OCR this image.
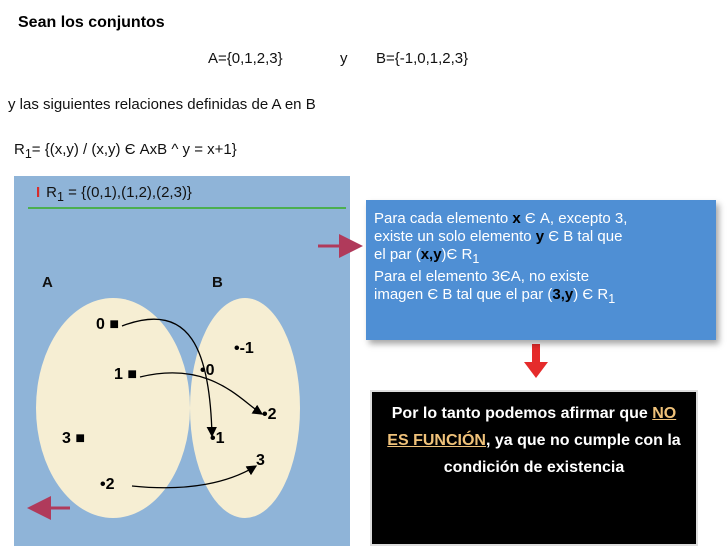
Sean los conjuntos
A={0,1,2,3}	y B={-1,0,1,2,3}
y las siguientes relaciones definidas de A en B
$R_1= \{(x,y) / (x,y)$ Є AxB ^ y = x+1}
I $R_1 = \{(0,1),(1,2),(2,3)\}$
A	B
0 ■
1 ■
3 ■
•2
•-1
•0
•2
•1
3
Para cada elemento x Є A, excepto 3,
existe un solo elemento y Є B tal que
el par (x,y)Є $R_1$
Para el elemento 3ЄA, no existe
imagen Є B tal que el par (3,y) Є $R_1$
Por lo tanto podemos afirmar que NO ES FUNCIÓN, ya que no cumple con la condición de existencia
